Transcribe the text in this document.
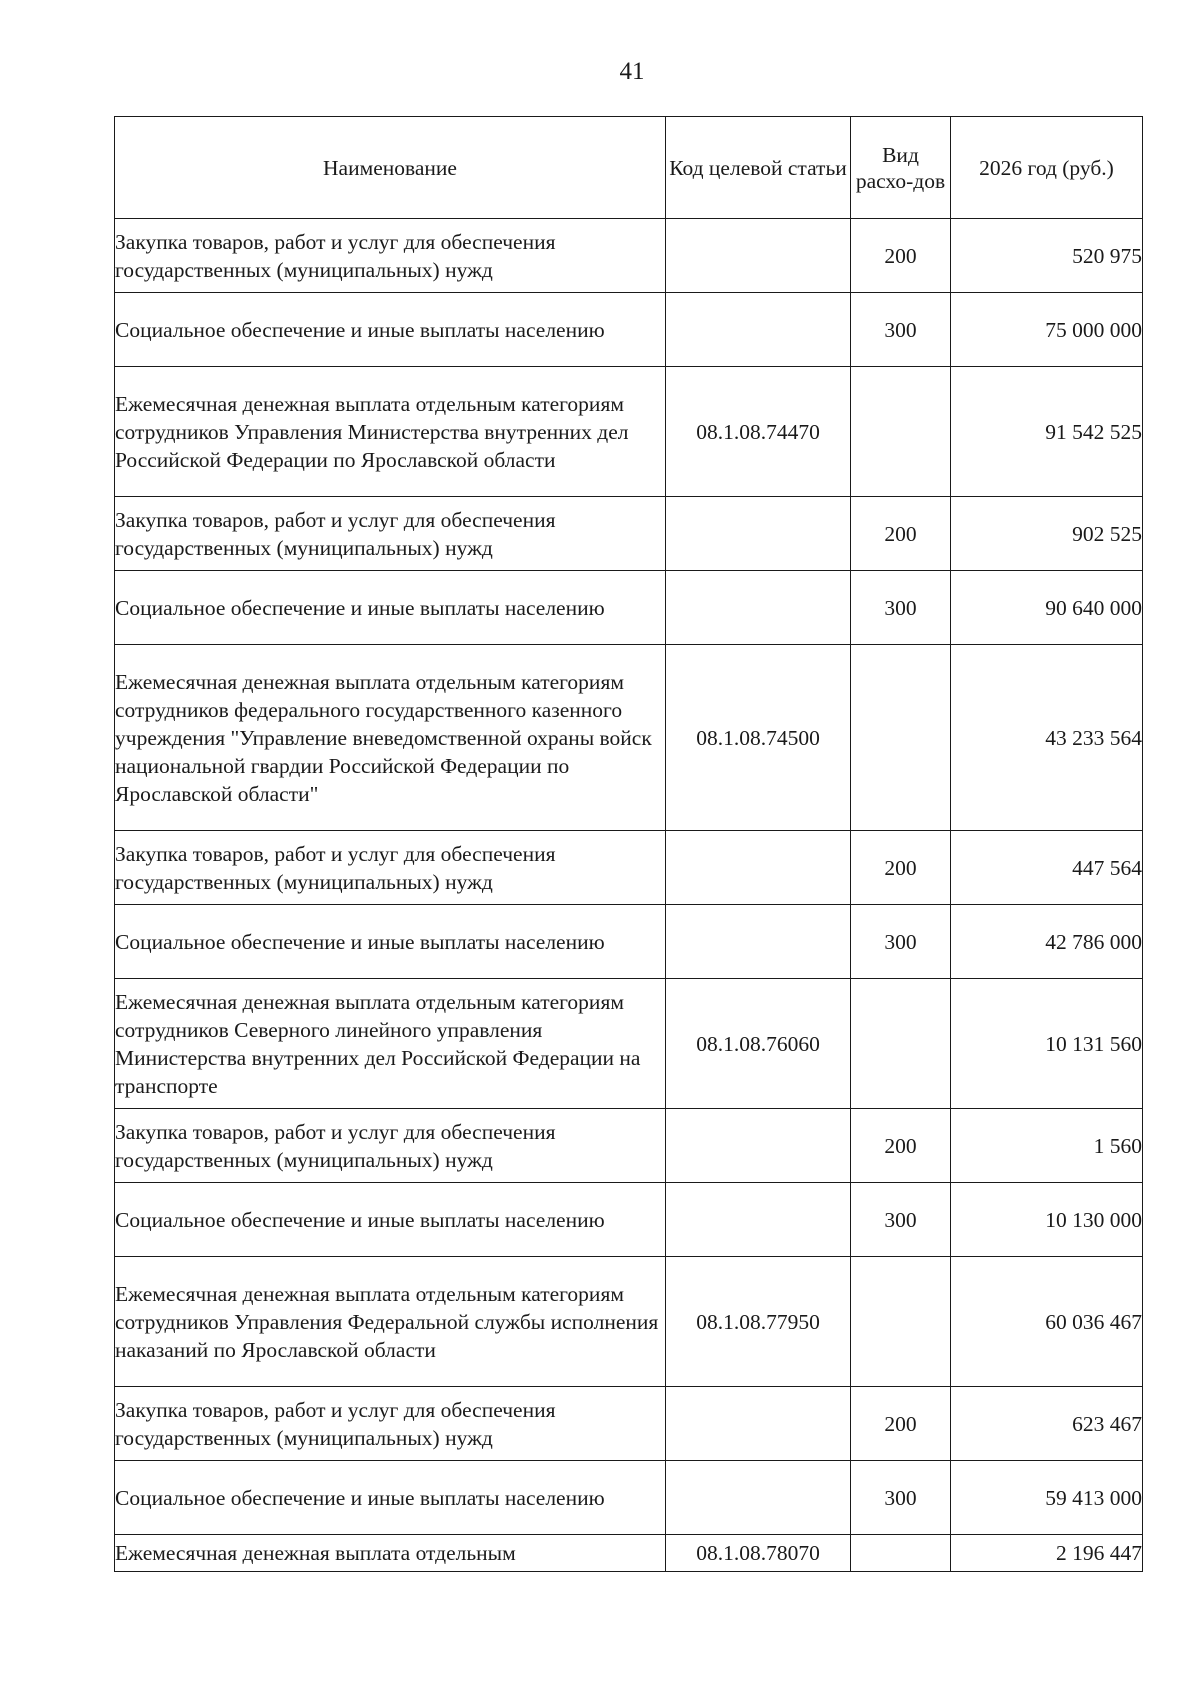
41
Наименование	Код целевой статьи	Вид расхо-дов	2026 год (руб.)
Закупка товаров, работ и услуг для обеспечения государственных (муниципальных) нужд		200	520 975
Социальное обеспечение и иные выплаты населению		300	75 000 000
Ежемесячная денежная выплата отдельным категориям сотрудников Управления Министерства внутренних дел Российской Федерации по Ярославской области	08.1.08.74470		91 542 525
Закупка товаров, работ и услуг для обеспечения государственных (муниципальных) нужд		200	902 525
Социальное обеспечение и иные выплаты населению		300	90 640 000
Ежемесячная денежная выплата отдельным категориям сотрудников федерального государственного казенного учреждения "Управление вневедомственной охраны войск национальной гвардии Российской Федерации по Ярославской области"	08.1.08.74500		43 233 564
Закупка товаров, работ и услуг для обеспечения государственных (муниципальных) нужд		200	447 564
Социальное обеспечение и иные выплаты населению		300	42 786 000
Ежемесячная денежная выплата отдельным категориям сотрудников Северного линейного управления Министерства внутренних дел Российской Федерации на транспорте	08.1.08.76060		10 131 560
Закупка товаров, работ и услуг для обеспечения государственных (муниципальных) нужд		200	1 560
Социальное обеспечение и иные выплаты населению		300	10 130 000
Ежемесячная денежная выплата отдельным категориям сотрудников Управления Федеральной службы исполнения наказаний по Ярославской области	08.1.08.77950		60 036 467
Закупка товаров, работ и услуг для обеспечения государственных (муниципальных) нужд		200	623 467
Социальное обеспечение и иные выплаты населению		300	59 413 000
Ежемесячная денежная выплата отдельным	08.1.08.78070		2 196 447
